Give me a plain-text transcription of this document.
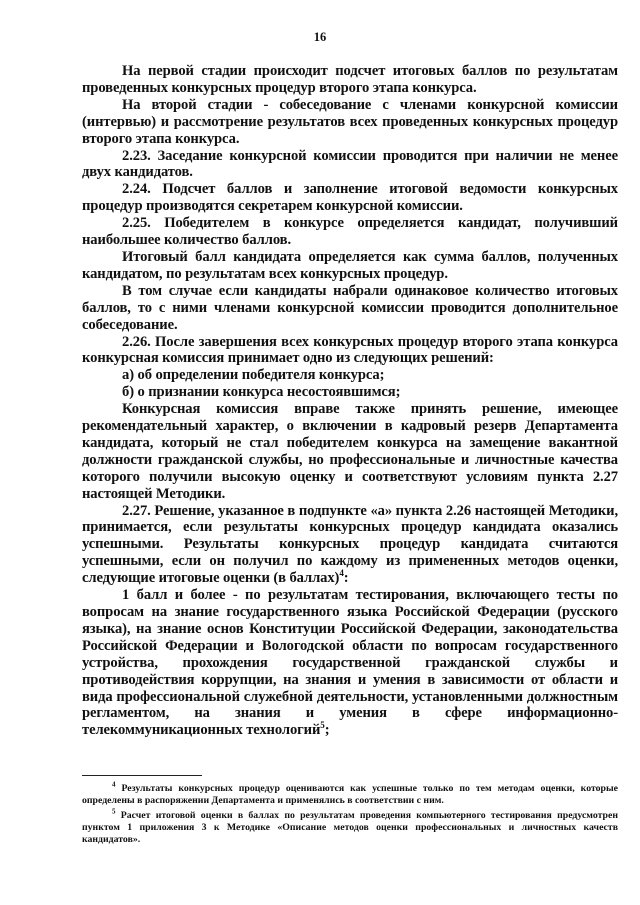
16

На первой стадии происходит подсчет итоговых баллов по результатам проведенных конкурсных процедур второго этапа конкурса.

На второй стадии - собеседование с членами конкурсной комиссии (интервью) и рассмотрение результатов всех проведенных конкурсных процедур второго этапа конкурса.

2.23. Заседание конкурсной комиссии проводится при наличии не менее двух кандидатов.

2.24. Подсчет баллов и заполнение итоговой ведомости конкурсных процедур производятся секретарем конкурсной комиссии.

2.25. Победителем в конкурсе определяется кандидат, получивший наибольшее количество баллов.

Итоговый балл кандидата определяется как сумма баллов, полученных кандидатом, по результатам всех конкурсных процедур.

В том случае если кандидаты набрали одинаковое количество итоговых баллов, то с ними членами конкурсной комиссии проводится дополнительное собеседование.

2.26. После завершения всех конкурсных процедур второго этапа конкурса конкурсная комиссия принимает одно из следующих решений:

а) об определении победителя конкурса;

б) о признании конкурса несостоявшимся;

Конкурсная комиссия вправе также принять решение, имеющее рекомендательный характер, о включении в кадровый резерв Департамента кандидата, который не стал победителем конкурса на замещение вакантной должности гражданской службы, но профессиональные и личностные качества которого получили высокую оценку и соответствуют условиям пункта 2.27 настоящей Методики.

2.27. Решение, указанное в подпункте «а» пункта 2.26 настоящей Методики, принимается, если результаты конкурсных процедур кандидата оказались успешными. Результаты конкурсных процедур кандидата считаются успешными, если он получил по каждому из примененных методов оценки, следующие итоговые оценки (в баллах)$^4$:

1 балл и более - по результатам тестирования, включающего тесты по вопросам на знание государственного языка Российской Федерации (русского языка), на знание основ Конституции Российской Федерации, законодательства Российской Федерации и Вологодской области по вопросам государственного устройства, прохождения государственной гражданской службы и противодействия коррупции, на знания и умения в зависимости от области и вида профессиональной служебной деятельности, установленными должностным регламентом, на знания и умения в сфере информационно-телекоммуникационных технологий$^5$;

$^4$ Результаты конкурсных процедур оцениваются как успешные только по тем методам оценки, которые определены в распоряжении Департамента и применялись в соответствии с ним.

$^5$ Расчет итоговой оценки в баллах по результатам проведения компьютерного тестирования предусмотрен пунктом 1 приложения 3 к Методике «Описание методов оценки профессиональных и личностных качеств кандидатов».
